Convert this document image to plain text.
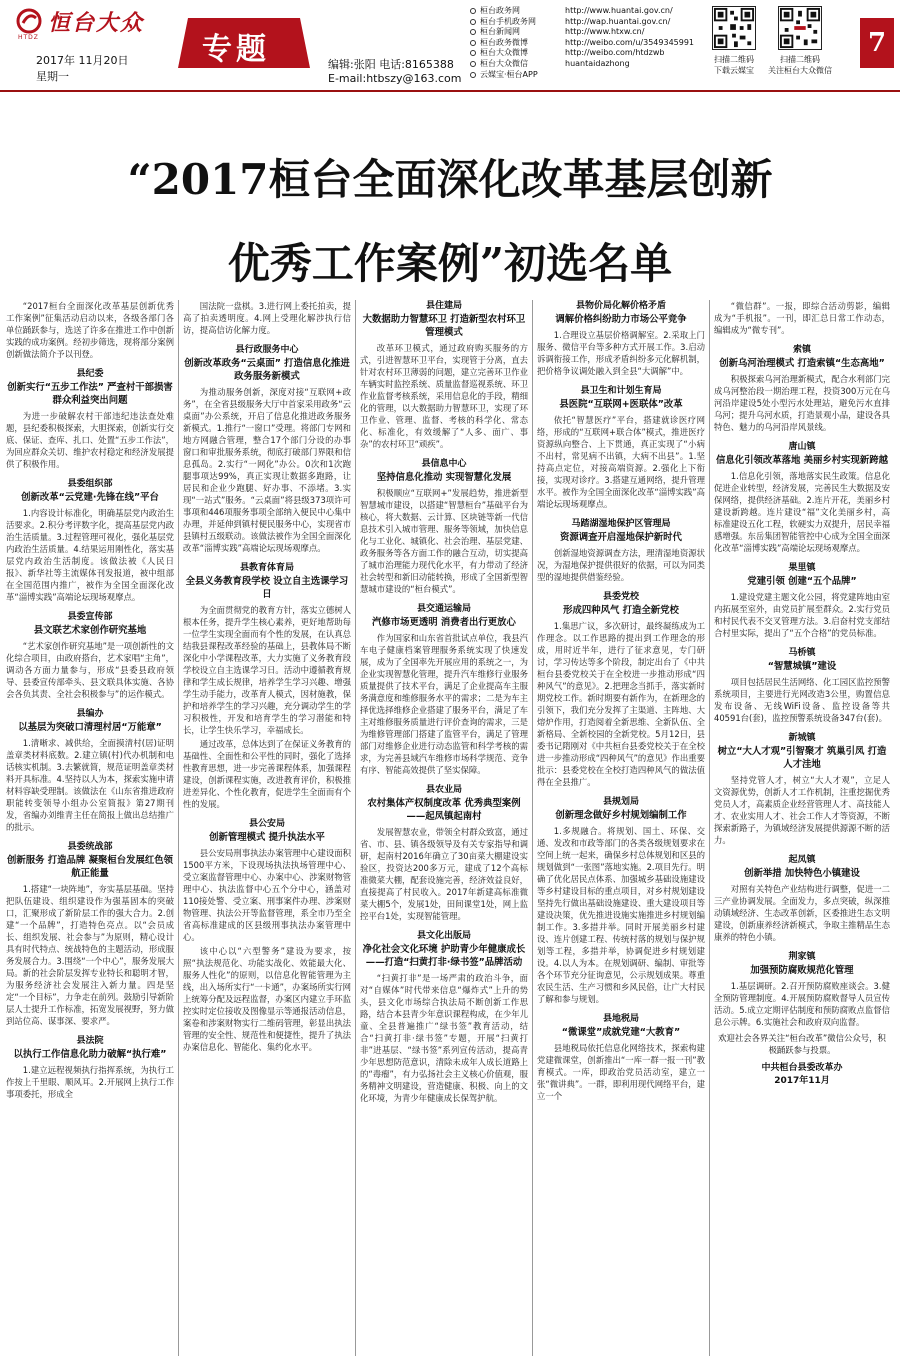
恒台大众
HTDZ
2017年 11月20日
星期一
专题	编辑:张阳 电话:8165388
E-mail:htbszy@163.com
桓台政务网	http://www.huantai.gov.cn/
桓台手机政务网	http://wap.huantai.gov.cn/
桓台新闻网	http://www.htxw.cn/
桓台政务微博	http://weibo.com/u/3549345991
桓台大众微博	http://weibo.com/htdzwb
桓台大众微信	huantaidazhong
云媒宝·桓台APP
扫描二维码
下载云媒宝
扫描二维码
关注桓台大众微信
7
“2017桓台全面深化改革基层创新
优秀工作案例”初选名单

“2017桓台全面深化改革基层创新优秀工作案例”征集活动启动以来，各级各部门各单位踊跃参与，选送了许多在推进工作中创新实践的成功案例。经初步筛选，现将部分案例创新做法简介予以刊登。

县纪委
创新实行“五步工作法” 严查村干部损害群众利益突出问题

为进一步破解农村干部违纪违法查处难题，县纪委积极探索，大胆探索，创新实行交底、保证、查库、扎口、处置“五步工作法”，为回应群众关切、维护农村稳定和经济发展提供了积极作用。

县委组织部
创新改革“云党建·先锋在线”平台

1.内容设计标准化，明确基层党内政治生活要求。2.积分考评数字化，提高基层党内政治生活质量。3.过程管理可视化，强化基层党内政治生活质量。4.结果运用刚性化，落实基层党内政治生活制度。该做法被《人民日报》、新华社等主流媒体刊发报道，被中组部在全国范围内推广，被作为全国全面深化改革“淄博实践”高端论坛现场观摩点。

县委宣传部
县文联艺术家创作研究基地

“艺术家创作研究基地”是一项创新性的文化综合项目，由政府搭台，艺术家唱“主角”，调动各方面力量参与，形成“县委县政府领导、县委宣传部牵头、县文联具体实施、各协会各负其责、全社会积极参与”的运作模式。

县编办
以基层为突破口清理村居“万能章”

1.清晰求、减供给，全面摸清村(居)证明盖章类材料底数。2.建立镇(村)代办机制和电话核实机制。3.去繁就简，规范证明盖章类材料开具标准。4.坚持以人为本，探索实施申请材料容缺受理制。该做法在《山东省推进政府职能转变领导小组办公室简报》第27期刊发，省编办刘维青主任在简报上做出总结推广的批示。

县委统战部
创新服务 打造品牌 凝聚桓台发展红色领航正能量

1.搭建“一块阵地”，夯实基层基础。坚持把队伍建设、组织建设作为强基固本的突破口，汇聚形成了新阶层工作的强大合力。2.创建“一个品牌”，打造特色亮点。以“会员成长、组织发展、社会参与”为原则，精心设计具有时代特点、统战特色的主题活动，形成服务发展合力。3.围绕“一个中心”，服务发展大局。新的社会阶层发挥专业特长和聪明才智，为服务经济社会发展注入新力量。四是坚定“一个目标”，力争走在前列。鼓励引导新阶层人士提升工作标准，拓宽发展视野，努力做到站位高、谋事深、要求严。

县法院
以执行工作信息化助力破解“执行难”

1.建立远程视频执行指挥系统，为执行工作按上千里眼、顺风耳。2.开展网上执行工作事项委托，形成全

国法院一盘棋。3.进行网上委托拍卖，提高了拍卖透明度。4.网上受理化解涉执行信访，提高信访化解力度。

县行政服务中心
创新改革政务“云桌面” 打造信息化推进政务服务新模式

为推动服务创新，深度对接“互联网+政务”，在全省县级服务大厅中首家采用政务“云桌面”办公系统，开启了信息化推进政务服务新模式。1.推行“一窗口”受理。将部门专网和地方网融合管理，整合17个部门分设的办事窗口和审批服务系统，彻底打破部门界限和信息孤岛。2.实行“一网化”办公。0次和1次跑腿事项达99%，真正实现让数据多跑路，让居民和企业少跑腿、好办事、不添堵。3.实现“一站式”服务。“云桌面”将县级373项许可事项和446项服务事项全部纳入便民中心集中办理，并延伸到镇村便民服务中心，实现省市县镇村五级联动。该做法被作为全国全面深化改革“淄博实践”高端论坛现场观摩点。

县教育体育局
全县义务教育段学校 设立自主选课学习日

为全面贯彻党的教育方针，落实立德树人根本任务，提升学生核心素养，更好地帮助每一位学生实现全面而有个性的发展，在认真总结我县课程改革经验的基础上，县教体局不断深化中小学课程改革，大力实施了义务教育段学校设立自主选课学习日。活动中遵循教育规律和学生成长规律，培养学生学习兴趣、增强学生动手能力，改革育人模式，因材施教，保护和培养学生的学习兴趣，充分调动学生的学习积极性，开发和培育学生的学习潜能和特长，让学生快乐学习，幸福成长。

通过改革，总体达到了在保证义务教育的基础性、全面性和公平性的同时，强化了选择性教育思想，进一步完善课程体系，加强课程建设，创新课程实施，改进教育评价，积极推进差异化、个性化教育，促进学生全面而有个性的发展。

县公安局
创新管理模式 提升执法水平

县公安局刑事执法办案管理中心建设面积1500平方米，下设现场执法执场管理中心、受立案监督管理中心、办案中心、涉案财物管理中心、执法监督中心五个分中心，涵盖对110接处警、受立案、刑事案件办理、涉案财物管理、执法公开等监督管理，系全市乃至全省高标准建成的区县级刑事执法办案管理中心。

该中心以“六型警务”建设为要求，按照“执法规范化、功能实战化、效能最大化、服务人性化”的原则，以信息化智能管理为主线，出入场所实行“一卡通”，办案场所实行网上统筹分配及远程监督，办案区内建立手环监控实时定位接收及图像显示等通报活动信息，案卷和涉案财物实行二维码管理，彰显出执法管理的安全性、规范性和便捷性，提升了执法办案信息化、智能化、集约化水平。

县住建局
大数据助力智慧环卫 打造新型农村环卫管理模式

改革环卫模式，通过政府购买服务的方式，引进智慧环卫平台，实现管于分离，直去针对农村环卫薄弱的问题，建立完善环卫作业车辆实时监控系统、质量监督巡视系统、环卫作业监督考核系统，采用信息化的手段，精细化的管理，以大数据助力智慧环卫，实现了环卫作业、管理、监督、考核的科学化、常态化、标准化，有效缓解了“人多、面广、事杂”的农村环卫“顽疾”。

县信息中心
坚持信息化推动 实现智慧化发展

积极顺应“互联网+”发展趋势，推进新型智慧城市建设，以搭建“智慧桓台”基础平台为核心，将大数据、云计算、区块链等新一代信息技术引入城市管理、服务等领域，加快信息化与工业化、城镇化、社会治理、基层党建、政务服务等各方面工作的融合互动，切实提高了城市治理能力现代化水平，有力带动了经济社会转型和新旧动能转换，形成了全国新型智慧城市建设的“桓台模式”。

县交通运输局
汽修市场更透明 消费者出行更放心

作为国家和山东省首批试点单位，我县汽车电子健康档案管理服务系统实现了快速发展，成为了全国率先开展应用的系统之一，为企业实现智慧化管理，提升汽车维修行业服务质量提供了技术平台，满足了企业提高车主服务满意度和维修服务水平的需求；二是为车主择优选择维修企业搭建了服务平台，满足了车主对维修服务质量进行评价查询的需求，三是为维修管理部门搭建了监管平台，满足了管理部门对维修企业进行动态监管和科学考核的需求，为完善县域汽车维修市场科学规范、竞争有序、智能高效提供了坚实保障。

县农业局
农村集体产权制度改革 优秀典型案例——起凤镇起南村

发展智慧农业，带领全村群众致富，通过省、市、县、镇各级领导及有关专家指导和调研，起南村2016年确立了30亩菜大棚建设实验区，投资达200多万元，建成了12个高标准微菜大棚，配套设施完善，经济效益良好，直接提高了村民收入。2017年新建高标准微菜大棚5个，发展1处，田间课堂1处，网上监控平台1处，实现智能管理。

县文化出版局
净化社会文化环境 护助青少年健康成长——打造“扫黄打非·绿书签”品牌活动

“扫黄打非”是一场严肃的政治斗争，面对“自媒体”时代带来信息“爆炸式”上升的势头，县文化市场综合执法局不断创新工作思路，结合本县青少年意识课程构成，在少年儿童、全县普遍推广“绿书签”教育活动，结合“扫黄打非·绿书签”专题，开展“扫黄打非”进基层、“绿书签”系列宣传活动，提高青少年思想防范意识，清除未成年人成长道路上的“毒瘤”，有力弘扬社会主义核心价值观，服务精神文明建设，营造健康、积极、向上的文化环境，为青少年健康成长保驾护航。

县物价局化解价格矛盾
调解价格纠纷助力市场公平竞争

1.合理设立基层价格调解室。2.采取上门服务、微信平台等多种方式开展工作。3.启动诉调衔接工作，形成矛盾纠纷多元化解机制，把价格争议调处融入到全县“大调解”中。

县卫生和计划生育局
县医院“互联网+医联体”改革

依托“智慧医疗”平台，搭建就诊医疗网络，形成的“互联网+联合体”模式，推进医疗资源纵向整合、上下贯通，真正实现了“小病不出村，常见病不出镇，大病不出县”。1.坚持高点定位，对接高端资源。2.强化上下衔接，实现对诊疗。3.搭建互通网络，提升管理水平。被作为全国全面深化改革“淄博实践”高端论坛现场观摩点。

马踏湖湿地保护区管理局
资源调查开启湿地保护新时代

创新湿地资源调查方法，理清湿地资源状况，为湿地保护提供很好的依据，可以为同类型的湿地提供借鉴经验。

县委党校
形成四种风气 打造全新党校

1.集思广议，多次研讨，最终凝练成为工作理念。以工作思路的提出到工作理念的形成，用时近半年，进行了征求意见，专门研讨，学习传达等多个阶段，制定出台了《中共桓台县委党校关于在全校进一步推动形成“四种风气”的意见》。2.把理念当抓手，落实新时期党校工作。新时期要有新作为，在新理念的引领下，我们充分发挥了主渠道、主阵地、大熔炉作用，打造阅着全新思维、全新队伍、全新格局、全新校园的全新党校。5月12日，县委书记隋刚对《中共桓台县委党校关于在全校进一步推动形成“四种风气”的意见》作出重要批示：县委党校在全校打造四种风气的做法值得在全县推广。

县规划局
创新理念做好乡村规划编制工作

1.多规融合。将规划、国土、环保、交通、发改和市政等部门的各类各级规划要求在空间上统一起来，确保乡村总体规划和区县的规划做到“一张图”落地实施。2.项目先行。明确了优化居民点体系、加强城乡基础设施建设等乡村建设目标的重点项目，对乡村规划建设坚持先行做出基础设施建设、重大建设项目等建设决策，优先推进设施实施推进乡村规划编制工作。3.多措并举。同时开展美丽乡村建设、连片创建工程、传统村落的规划与保护规划等工程，多措并举，协调促进乡村规划建设。4.以人为本。在规划调研、编制、审批等各个环节充分征询意见，公示规划成果。尊重农民生活、生产习惯和乡风民俗，让广大村民了解和参与规划。

县地税局
“微课堂”成就党建“大教育”

县地税局依托信息化网络技术，探索构建党建微课堂，创新推出“一库一群一报一刊”教育模式。一库，即政治党员活动室，建立一张“微讲典”。一群，即利用现代网络平台，建立一个

“微信群”。一报，即综合活动剪影，编辑成为“手机报”。一刊，即汇总日常工作动态，编辑成为“微专刊”。

索镇
创新乌河治理模式 打造索镇“生态高地”

积极探索乌河治理新模式，配合水利部门完成乌河整治段一期治理工程，投资300万元在乌河沿岸建设5处小型污水处理站，避免污水直排乌河；提升乌河水质，打造景观小品，建设各具特色、魅力的乌河沿岸风景线。

唐山镇
信息化引领改革落地 美丽乡村实现新跨越

1.信息化引领，落地落实民生政策。信息化促进企业转型，经济发展，完善民生大数据及安保网络，提供经济基础。2.连片开花，美丽乡村建设新跨越。连片建设“福”文化美丽乡村，高标准建设五化工程，软硬实力双提升，居民幸福感增强。东岳集团智能管控中心成为全国全面深化改革“淄博实践”高端论坛现场观摩点。

果里镇
党建引领 创建“五个品牌”

1.建设党建主题文化公园，将党建阵地由室内拓展至室外，由党员扩展至群众。2.实行党员和村民代表不交叉管理方法。3.启奋村党支部结合村里实际，提出了“五个合格”的党员标准。

马桥镇
“智慧城镇”建设

项目包括居民生活网络、化工园区监控预警系统项目，主要进行光网改造3公里，购置信息发布设备、无线WiFi设备、监控设备等共40591台(套)，监控预警系统设备347台(套)。

新城镇
树立“大人才观”引智聚才 筑巢引凤 打造人才洼地

坚持党管人才，树立“大人才观”，立足人文资源优势，创新人才工作机制，注重挖掘优秀党员人才，高素质企业经营管理人才、高技能人才、农业实用人才、社会工作人才等资源，不断探索新路子，为镇域经济发展提供源源不断的活力。

起凤镇
创新举措 加快特色小镇建设

对照有关特色产业结构进行调整，促进一二三产业协调发展。全面发力，多点突破，纵深推动镇域经济、生态改革创新，区委推进生态文明建设，创新康养经济新模式，争取主推精品生态康养的特色小镇。

荆家镇
加强预防腐败规范化管理

1.基层调研。2.召开预防腐败座谈会。3.健全预防管理制度。4.开展预防腐败督导人员宣传活动。5.成立定期评估制度和预防腐败点监督信息公示牌。6.实施社会和政府双向监督。

欢迎社会各界关注“桓台改革”微信公众号，积极踊跃参与投票。
中共桓台县委改革办
2017年11月
